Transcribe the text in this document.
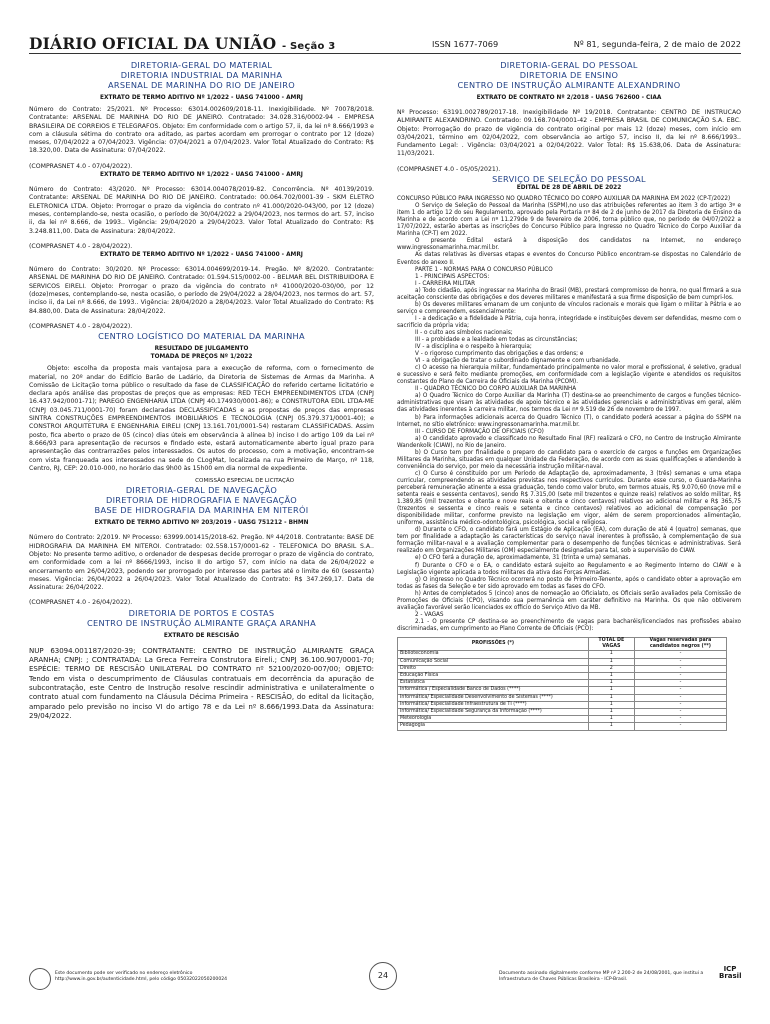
DIÁRIO OFICIAL DA UNIÃO - Seção 3	ISSN 1677-7069	Nº 81, segunda-feira, 2 de maio de 2022
DIRETORIA-GERAL DO MATERIAL
DIRETORIA INDUSTRIAL DA MARINHA
ARSENAL DE MARINHA DO RIO DE JANEIRO
EXTRATO DE TERMO ADITIVO Nº 1/2022 - UASG 741000 - AMRJ

Número do Contrato: 25/2021. Nº Processo: 63014.002609/2018-11. Inexigibilidade. Nº 70078/2018. Contratante: ARSENAL DE MARINHA DO RIO DE JANEIRO. Contratado: 34.028.316/0002-94 - EMPRESA BRASILEIRA DE CORREIOS E TELEGRAFOS. Objeto: Em conformidade com o artigo 57, ii, da lei nº 8.666/1993 e com a cláusula sétima do contrato ora aditado, as partes acordam em prorrogar o contrato por 12 (doze) meses, 07/04/2022 a 07/04/2023. Vigência: 07/04/2021 a 07/04/2023. Valor Total Atualizado do Contrato: R$ 18.320,00. Data de Assinatura: 07/04/2022.

(COMPRASNET 4.0 - 07/04/2022).

EXTRATO DE TERMO ADITIVO Nº 1/2022 - UASG 741000 - AMRJ

Número do Contrato: 43/2020. Nº Processo: 63014.004078/2019-82. Concorrência. Nº 40139/2019. Contratante: ARSENAL DE MARINHA DO RIO DE JANEIRO. Contratado: 00.064.702/0001-39 - SKM ELETRO ELETRONICA LTDA. Objeto: Prorrogar o prazo da vigência do contrato nº 41.000/2020-043/00, por 12 (doze) meses, contemplando-se, nesta ocasião, o período de 30/04/2022 a 29/04/2023, nos termos do art. 57, inciso ii, da lei nº 8.666, de 1993.. Vigência: 29/04/2020 a 29/04/2023. Valor Total Atualizado do Contrato: R$ 3.248.811,00. Data de Assinatura: 28/04/2022.

(COMPRASNET 4.0 - 28/04/2022).

EXTRATO DE TERMO ADITIVO Nº 1/2022 - UASG 741000 - AMRJ

Número do Contrato: 30/2020. Nº Processo: 63014.004699/2019-14. Pregão. Nº 8/2020. Contratante: ARSENAL DE MARINHA DO RIO DE JANEIRO. Contratado: 01.594.515/0002-00 - BELMAR BEL DISTRIBUIDORA E SERVICOS EIRELI. Objeto: Prorrogar o prazo da vigência do contrato nº 41000/2020-030/00, por 12 (doze)meses, contemplando-se, nesta ocasião, o período de 29/04/2022 a 28/04/2023, nos termos do art. 57, inciso ii, da Lei nº 8.666, de 1993.. Vigência: 28/04/2020 a 28/04/2023. Valor Total Atualizado do Contrato: R$ 84.880,00. Data de Assinatura: 28/04/2022.

(COMPRASNET 4.0 - 28/04/2022).

CENTRO LOGÍSTICO DO MATERIAL DA MARINHA
RESULTADO DE JULGAMENTO
TOMADA DE PREÇOS Nº 1/2022

Objeto: escolha da proposta mais vantajosa para a execução de reforma, com o fornecimento de material, no 20º andar do Edifício Barão de Ladário, da Diretoria de Sistemas de Armas da Marinha. A Comissão de Licitação torna público o resultado da fase de CLASSIFICAÇÃO do referido certame licitatório e declara após análise das propostas de preços que as empresas: RED TECH EMPREENDIMENTOS LTDA (CNPJ 16.437.942/0001-71); PAREGO ENGENHARIA LTDA (CNPJ 40.174930/0001-86); e CONSTRUTORA EDIL LTDA-ME (CNPJ 03.045.711/0001-70) foram declaradas DECLASSIFICADAS e as propostas de preços das empresas SINTRA CONSTRUÇÕES EMPREENDIMENTOS IMOBILIÁRIOS E TECNOLOGIA (CNPJ 05.379.371/0001-40); e CONSTROI ARQUITETURA E ENGENHARIA EIRELI (CNPJ 13.161.701/0001-54) restaram CLASSIFICADAS. Assim posto, fica aberto o prazo de 05 (cinco) dias úteis em observância à alínea b) inciso I do artigo 109 da Lei nº 8.666/93 para apresentação de recursos e findado este, estará automaticamente aberto igual prazo para apresentação das contrarrazões pelos interessados. Os autos do processo, com a motivação, encontram-se com vista franqueada aos interessados na sede do CLogMat, localizada na rua Primeiro de Março, nº 118, Centro, RJ, CEP: 20.010-000, no horário das 9h00 às 15h00 em dia normal de expediente.

COMISSÃO ESPECIAL DE LICITAÇÃO
DIRETORIA-GERAL DE NAVEGAÇÃO
DIRETORIA DE HIDROGRAFIA E NAVEGAÇÃO
BASE DE HIDROGRAFIA DA MARINHA EM NITERÓI
EXTRATO DE TERMO ADITIVO Nº 203/2019 - UASG 751212 - BHMN

Número do Contrato: 2/2019. Nº Processo: 63999.001415/2018-62. Pregão. Nº 44/2018. Contratante: BASE DE HIDROGRAFIA DA MARINHA EM NITEROI. Contratado: 02.558.157/0001-62 - TELEFONICA DO BRASIL S.A.. Objeto: No presente termo aditivo, o ordenador de despesas decide prorrogar o prazo de vigência do contrato, em conformidade com a lei nº 8666/1993, inciso II do artigo 57, com início na data de 26/04/2022 e encerramento em 26/04/2023, podendo ser prorrogado por interesse das partes até o limite de 60 (sessenta) meses. Vigência: 26/04/2022 a 26/04/2023. Valor Total Atualizado do Contrato: R$ 347.269,17. Data de Assinatura: 26/04/2022.

(COMPRASNET 4.0 - 26/04/2022).

DIRETORIA DE PORTOS E COSTAS
CENTRO DE INSTRUÇÃO ALMIRANTE GRAÇA ARANHA
EXTRATO DE RESCISÃO

NUP 63094.001187/2020-39; CONTRATANTE: CENTRO DE INSTRUÇÃO ALMIRANTE GRAÇA ARANHA; CNPJ: ; CONTRATADA: La Greca Ferreira Construtora Eireli.; CNPJ 36.100.907/0001-70; ESPÉCIE: TERMO DE RESCISÃO UNILATERAL DO CONTRATO nº 52100/2020-007/00; OBJETO: Tendo em vista o descumprimento de Cláusulas contratuais em decorrência da apuração de subcontratação, este Centro de Instrução resolve rescindir administrativa e unilateralmente o contrato atual com fundamento na Cláusula Décima Primeira - RESCISÃO, do edital da licitação, amparado pelo previsão no inciso VI do artigo 78 e da Lei nº 8.666/1993.Data da Assinatura: 29/04/2022.

DIRETORIA-GERAL DO PESSOAL
DIRETORIA DE ENSINO
CENTRO DE INSTRUÇÃO ALMIRANTE ALEXANDRINO
EXTRATO DE CONTRATO Nº 2/2018 - UASG 762600 - CIAA

Nº Processo: 63191.002789/2017-18. Inexigibilidade Nº 19/2018. Contratante: CENTRO DE INSTRUCAO ALMIRANTE ALEXANDRINO. Contratado: 09.168.704/0001-42 - EMPRESA BRASIL DE COMUNICAÇÃO S.A. EBC. Objeto: Prorrogação do prazo de vigência do contrato original por mais 12 (doze) meses, com início em 03/04/2021, término em 02/04/2022, com observância ao artigo 57, inciso II, da lei nº 8.666/1993.. Fundamento Legal: . Vigência: 03/04/2021 a 02/04/2022. Valor Total: R$ 15.638,06. Data de Assinatura: 11/03/2021.

(COMPRASNET 4.0 - 05/05/2021).

SERVIÇO DE SELEÇÃO DO PESSOAL
EDITAL DE 28 DE ABRIL DE 2022

CONCURSO PÚBLICO PARA INGRESSO NO QUADRO TÉCNICO DO CORPO AUXILIAR DA MARINHA EM 2022 (CP-T/2022)

O Serviço de Seleção do Pessoal da Marinha (SSPM),no uso das atribuições referentes ao item 3 do artigo 3º e item 1 do artigo 12 do seu Regulamento, aprovado pela Portaria nº 84 de 2 de junho de 2017 da Diretoria de Ensino da Marinha e de acordo com a Lei nº 11.279de 9 de fevereiro de 2006, torna público que, no período de 04/07/2022 a 17/07/2022, estarão abertas as inscrições do Concurso Público para Ingresso no Quadro Técnico do Corpo Auxiliar da Marinha (CP-T) em 2022.

O presente Edital estará à disposição dos candidatos na Internet, no endereço www.ingressonamarinha.mar.mil.br.

As datas relativas às diversas etapas e eventos do Concurso Público encontram-se dispostas no Calendário de Eventos do anexo II.

PARTE 1 - NORMAS PARA O CONCURSO PÚBLICO

1 - PRINCIPAIS ASPECTOS:

I - CARREIRA MILITAR

a) Todo cidadão, após ingressar na Marinha do Brasil (MB), prestará compromisso de honra, no qual firmará a sua aceitação consciente das obrigações e dos deveres militares e manifestará a sua firme disposição de bem cumpri-los.

b) Os deveres militares emanam de um conjunto de vínculos racionais e morais que ligam o militar à Pátria e ao serviço e compreendem, essencialmente:

I - a dedicação e a fidelidade à Pátria, cuja honra, integridade e instituições devem ser defendidas, mesmo com o sacrifício da própria vida;

II - o culto aos símbolos nacionais;

III - a probidade e a lealdade em todas as circunstâncias;

IV - a disciplina e o respeito à hierarquia;

V - o rigoroso cumprimento das obrigações e das ordens; e

VI - a obrigação de tratar o subordinado dignamente e com urbanidade.

c) O acesso na hierarquia militar, fundamentado principalmente no valor moral e profissional, é seletivo, gradual e sucessivo e será feito mediante promoções, em conformidade com a legislação vigente e atendidos os requisitos constantes do Plano de Carreira de Oficiais da Marinha (PCOM).

II - QUADRO TÉCNICO DO CORPO AUXILIAR DA MARINHA

a) O Quadro Técnico do Corpo Auxiliar da Marinha (T) destina-se ao preenchimento de cargos e funções técnico-administrativas que visam às atividades de apoio técnico e às atividades gerenciais e administrativas em geral, além das atividades inerentes à carreira militar, nos termos da Lei nº 9.519 de 26 de novembro de 1997.

b) Para informações adicionais acerca do Quadro Técnico (T), o candidato poderá acessar a página do SSPM na Internet, no sítio eletrônico: www.ingressonamarinha.mar.mil.br.

III - CURSO DE FORMAÇÃO DE OFICIAIS (CFO)

a) O candidato aprovado e classificado no Resultado Final (RF) realizará o CFO, no Centro de Instrução Almirante Wandenkolk (CIAW), no Rio de Janeiro.

b) O Curso tem por finalidade o preparo do candidato para o exercício de cargos e funções em Organizações Militares da Marinha, situadas em qualquer Unidade da Federação, de acordo com as suas qualificações e atendendo à conveniência do serviço, por meio da necessária instrução militar-naval.

c) O Curso é constituído por um Período de Adaptação de, aproximadamente, 3 (três) semanas e uma etapa curricular, compreendendo as atividades previstas nos respectivos currículos. Durante esse curso, o Guarda-Marinha perceberá remuneração atinente a essa graduação, tendo como valor bruto, em termos atuais, R$ 9.070,60 (nove mil e setenta reais e sessenta centavos), sendo R$ 7.315,00 (sete mil trezentos e quinze reais) relativos ao soldo militar, R$ 1.389,85 (mil trezentos e oitenta e nove reais e oitenta e cinco centavos) relativos ao adicional militar e R$ 365,75 (trezentos e sessenta e cinco reais e setenta e cinco centavos) relativos ao adicional de compensação por disponibilidade militar, conforme previsto na legislação em vigor, além de serem proporcionados alimentação, uniforme, assistência médico-odontológica, psicológica, social e religiosa.

d) Durante o CFO, o candidato fará um Estágio de Aplicação (EA), com duração de até 4 (quatro) semanas, que tem por finalidade a adaptação às características do serviço naval inerentes à profissão, à complementação de sua formação militar-naval e a avaliação complementar para o desempenho de funções técnicas e administrativas. Será realizado em Organizações Militares (OM) especialmente designadas para tal, sob a supervisão do CIAW.

e) O CFO terá a duração de, aproximadamente, 31 (trinta e uma) semanas.

f) Durante o CFO e o EA, o candidato estará sujeito ao Regulamento e ao Regimento Interno do CIAW e à Legislação vigente aplicada a todos militares da ativa das Forças Armadas.

g) O ingresso no Quadro Técnico ocorrerá no posto de Primeiro-Tenente, após o candidato obter a aprovação em todas as fases da Seleção e ter sido aprovado em todas as fases do CFO.

h) Antes de completados 5 (cinco) anos de nomeação ao Oficialato, os Oficiais serão avaliados pela Comissão de Promoções de Oficiais (CPO), visando sua permanência em caráter definitivo na Marinha. Os que não obtiverem avaliação favorável serão licenciados ex officio do Serviço Ativo da MB.

2 - VAGAS

2.1 - O presente CP destina-se ao preenchimento de vagas para bacharéis/licenciados nas profissões abaixo discriminadas, em cumprimento ao Plano Corrente de Oficiais (PCO):

PROFISSÕES (*)	TOTAL DE VAGAS	Vagas reservadas para candidatos negros (**)
Biblioteconomia	1	-
Comunicação Social	1	-
Direito	2	-
Educação Física	1	-
Estatística	1	-
Informática / Especialidade Banco de Dados (****)	1	-
Informática/ Especialidade Desenvolvimento de Sistemas (****)	1	-
Informática/ Especialidade Infraestrutura de TI (****)	1	-
Informática/ Especialidade Segurança da Informação (****)	1	-
Meteorologia	1	-
Pedagogia	1	-
Este documento pode ser verificado no endereço eletrônico http://www.in.gov.br/autenticidade.html, pelo código 05032022050200024	24	Documento assinado digitalmente conforme MP nº 2.200-2 de 24/08/2001, que institui a Infraestrutura de Chaves Públicas Brasileira - ICP-Brasil.
ICP Brasil
